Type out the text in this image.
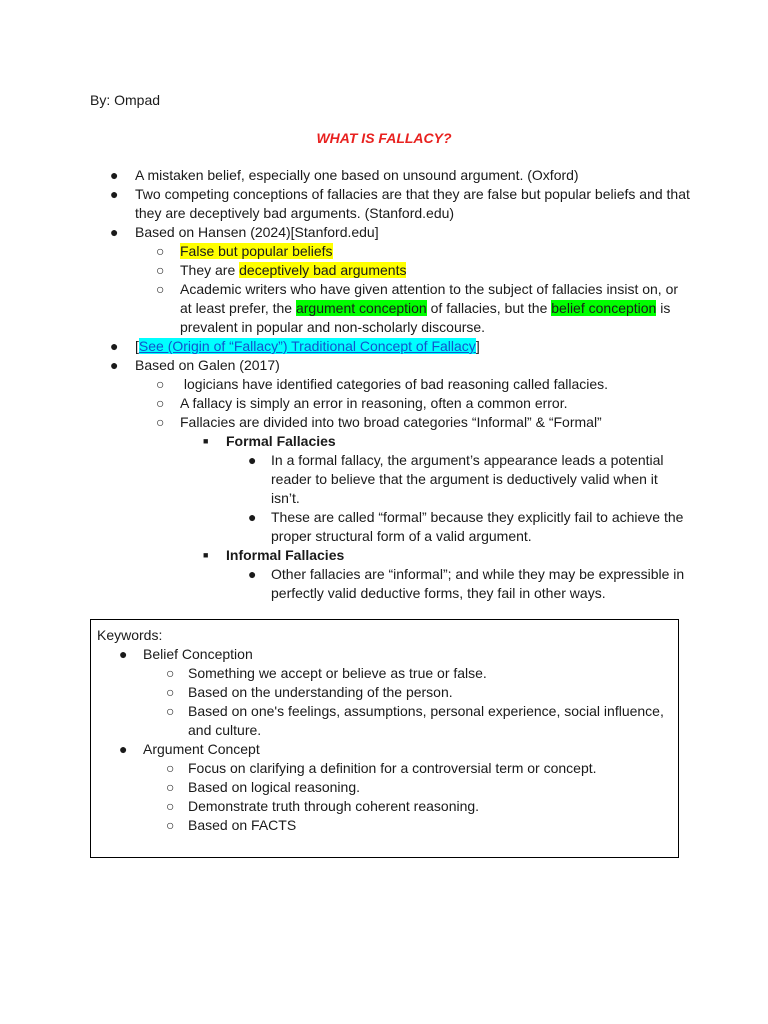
By: Ompad
WHAT IS FALLACY?
● A mistaken belief, especially one based on unsound argument. (Oxford)
● Two competing conceptions of fallacies are that they are false but popular beliefs and that they are deceptively bad arguments. (Stanford.edu)
● Based on Hansen (2024)[Stanford.edu]
○ False but popular beliefs
○ They are deceptively bad arguments
○ Academic writers who have given attention to the subject of fallacies insist on, or at least prefer, the argument conception of fallacies, but the belief conception is prevalent in popular and non-scholarly discourse.
● [See (Origin of “Fallacy”) Traditional Concept of Fallacy]
● Based on Galen (2017)
○ logicians have identified categories of bad reasoning called fallacies.
○ A fallacy is simply an error in reasoning, often a common error.
○ Fallacies are divided into two broad categories “Informal” & “Formal”
■ Formal Fallacies
● In a formal fallacy, the argument’s appearance leads a potential reader to believe that the argument is deductively valid when it isn’t.
● These are called “formal” because they explicitly fail to achieve the proper structural form of a valid argument.
■ Informal Fallacies
● Other fallacies are “informal”; and while they may be expressible in perfectly valid deductive forms, they fail in other ways.
Keywords:
● Belief Conception
○ Something we accept or believe as true or false.
○ Based on the understanding of the person.
○ Based on one's feelings, assumptions, personal experience, social influence, and culture.
● Argument Concept
○ Focus on clarifying a definition for a controversial term or concept.
○ Based on logical reasoning.
○ Demonstrate truth through coherent reasoning.
○ Based on FACTS
